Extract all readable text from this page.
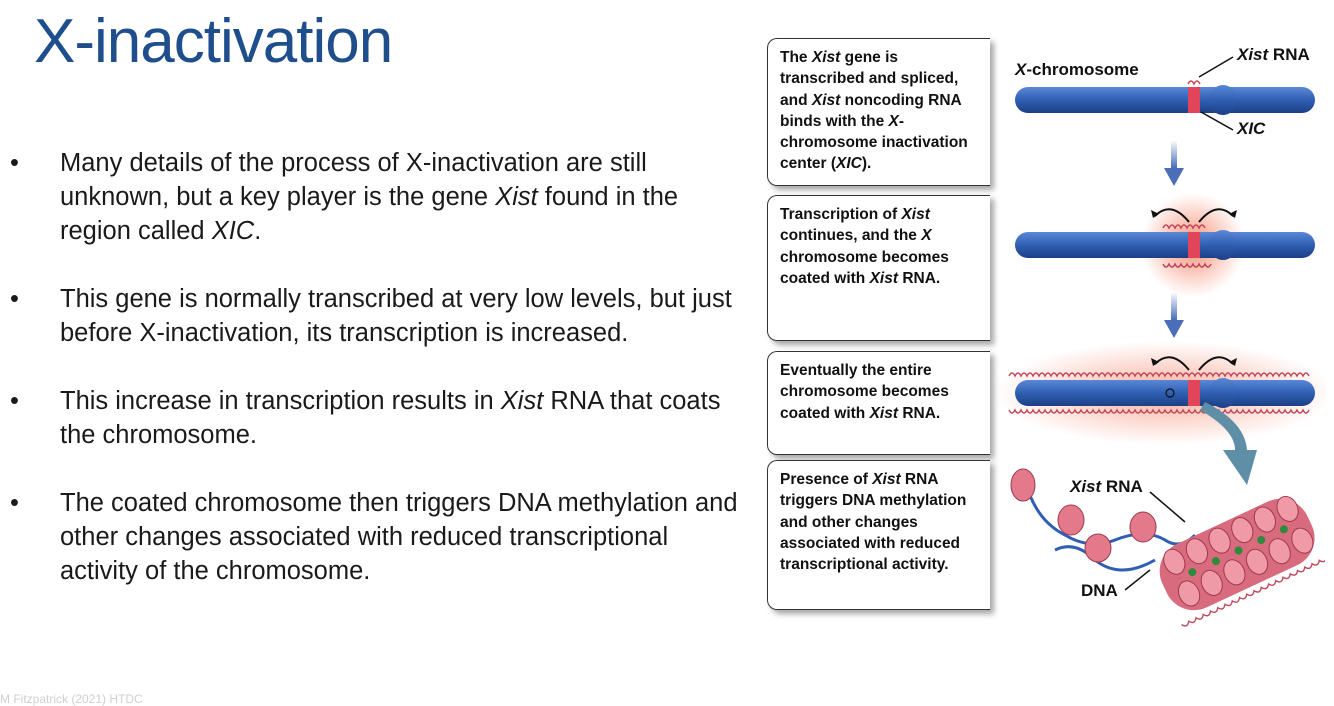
X-inactivation
• Many details of the process of X-inactivation are still unknown, but a key player is the gene Xist found in the region called XIC.
• This gene is normally transcribed at very low levels, but just before X-inactivation, its transcription is increased.
• This increase in transcription results in Xist RNA that coats the chromosome.
• The coated chromosome then triggers DNA methylation and other changes associated with reduced transcriptional activity of the chromosome.
M Fitzpatrick (2021) HTDC
The Xist gene is transcribed and spliced, and Xist noncoding RNA binds with the X-chromosome inactivation center (XIC).
Transcription of Xist continues, and the X chromosome becomes coated with Xist RNA.
Eventually the entire chromosome becomes coated with Xist RNA.
Presence of Xist RNA triggers DNA methylation and other changes associated with reduced transcriptional activity.
X-chromosome
Xist RNA
XIC
Xist RNA
DNA
